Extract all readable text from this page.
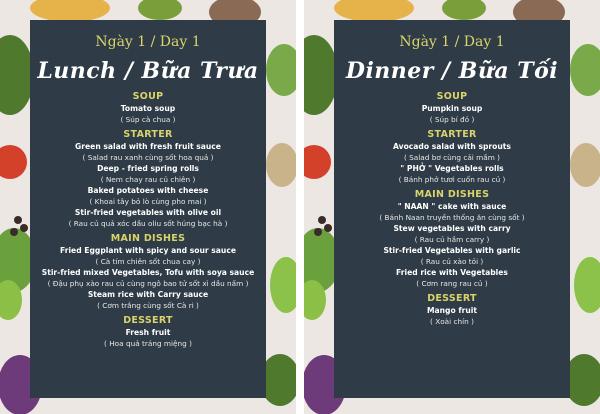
Ngày 1 / Day 1
Lunch / Bữa Trưa
SOUP
Tomato soup
( Súp cà chua )
STARTER
Green salad with fresh fruit sauce
( Salad rau xanh cùng sốt hoa quả )
Deep - fried spring rolls
( Nem chay rau củ chiên )
Baked potatoes with cheese
( Khoai tây bỏ lò cùng pho mai )
Stir-fried vegetables with olive oil
( Rau củ quả xóc dầu oliu sốt húng bạc hà )
MAIN DISHES
Fried Eggplant with spicy and sour sauce
( Cà tím chiên sốt chua cay )
Stir-fried mixed Vegetables, Tofu with soya sauce
( Đậu phụ xào rau củ cùng ngô bao tử sốt xì dầu nấm )
Steam rice with Carry sauce
( Cơm trắng cùng sốt Cà ri )
DESSERT
Fresh fruit
( Hoa quả tráng miệng )
Ngày 1 / Day 1
Dinner / Bữa Tối
SOUP
Pumpkin soup
( Súp bí đỏ )
STARTER
Avocado salad with sprouts
( Salad bơ cùng cải mầm )
" PHỞ " Vegetables rolls
( Bánh phở tươi cuốn rau củ )
MAIN DISHES
" NAAN " cake with sauce
( Bánh Naan truyền thống ăn cùng sốt )
Stew vegetables with carry
( Rau củ hầm carry )
Stir-fried Vegetables with garlic
( Rau củ xào tỏi )
Fried rice with Vegetables
( Cơm rang rau củ )
DESSERT
Mango fruit
( Xoài chín )
